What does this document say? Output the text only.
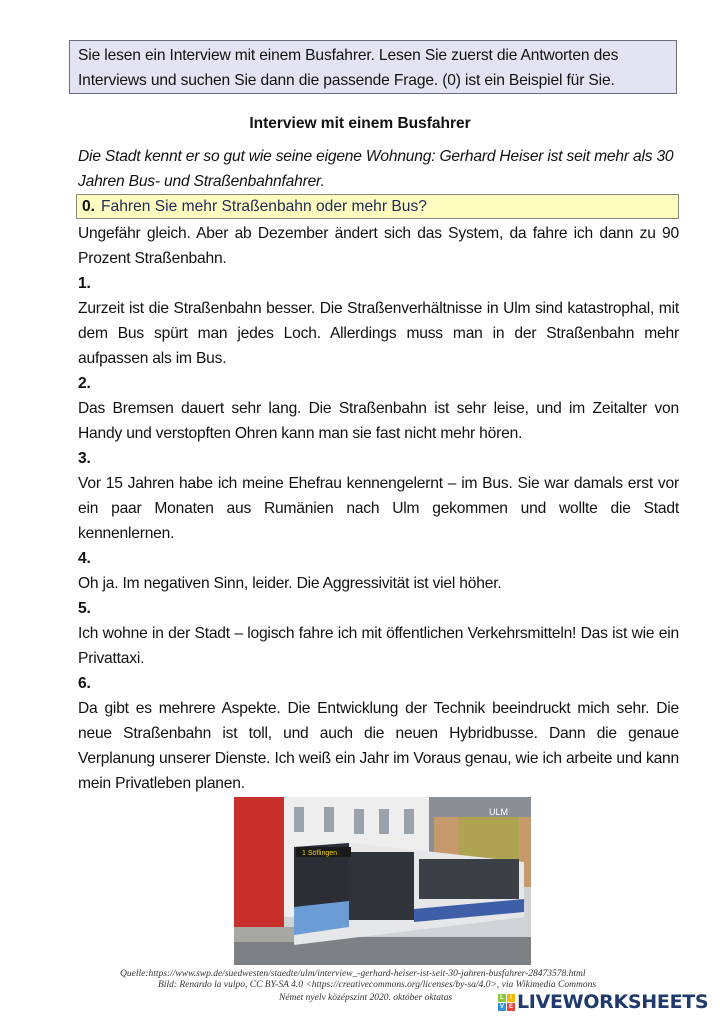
Sie lesen ein Interview mit einem Busfahrer. Lesen Sie zuerst die Antworten des Interviews und suchen Sie dann die passende Frage. (0) ist ein Beispiel für Sie.
Interview mit einem Busfahrer
Die Stadt kennt er so gut wie seine eigene Wohnung: Gerhard Heiser ist seit mehr als 30 Jahren Bus- und Straßenbahnfahrer.
0. Fahren Sie mehr Straßenbahn oder mehr Bus?

Ungefähr gleich. Aber ab Dezember ändert sich das System, da fahre ich dann zu 90 Prozent Straßenbahn.

1.

Zurzeit ist die Straßenbahn besser. Die Straßenverhältnisse in Ulm sind katastrophal, mit dem Bus spürt man jedes Loch. Allerdings muss man in der Straßenbahn mehr aufpassen als im Bus.

2.

Das Bremsen dauert sehr lang. Die Straßenbahn ist sehr leise, und im Zeitalter von Handy und verstopften Ohren kann man sie fast nicht mehr hören.

3.

Vor 15 Jahren habe ich meine Ehefrau kennengelernt – im Bus. Sie war damals erst vor ein paar Monaten aus Rumänien nach Ulm gekommen und wollte die Stadt kennenlernen.

4.

Oh ja. Im negativen Sinn, leider. Die Aggressivität ist viel höher.

5.

Ich wohne in der Stadt – logisch fahre ich mit öffentlichen Verkehrsmitteln! Das ist wie ein Privattaxi.

6.

Da gibt es mehrere Aspekte. Die Entwicklung der Technik beeindruckt mich sehr. Die neue Straßenbahn ist toll, und auch die neuen Hybridbusse. Dann die genaue Verplanung unserer Dienste. Ich weiß ein Jahr im Voraus genau, wie ich arbeite und kann mein Privatleben planen.

1 Söflingen
ULM
Quelle:https://www.swp.de/suedwesten/staedte/ulm/interview_-gerhard-heiser-ist-seit-30-jahren-busfahrer-28473578.html
Bild: Renardo la vulpo, CC BY-SA 4.0 <https://creativecommons.org/licenses/by-sa/4.0>, via Wikimedia Commons
Német nyelv középszint 2020. október oktatas	L	I
V E LIVEWORKSHEETS
